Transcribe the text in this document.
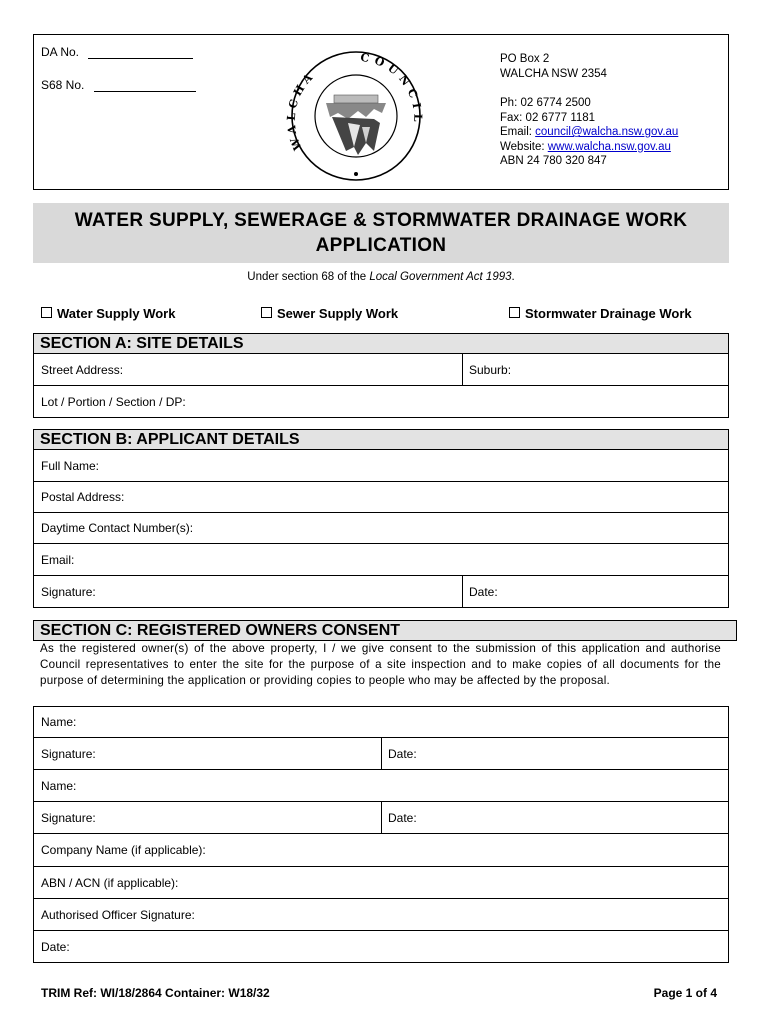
DA No.
S68 No.
WALCHA
COUNCIL
PO Box 2
WALCHA NSW 2354
Ph: 02 6774 2500
Fax: 02 6777 1181
Email: council@walcha.nsw.gov.au
Website: www.walcha.nsw.gov.au
ABN 24 780 320 847
WATER SUPPLY, SEWERAGE & STORMWATER DRAINAGE WORK
APPLICATION
Under section 68 of the Local Government Act 1993.
Water Supply Work	Sewer Supply Work	Stormwater Drainage Work
SECTION A: SITE DETAILS
Street Address:	Suburb:
Lot / Portion / Section / DP:
SECTION B: APPLICANT DETAILS
Full Name:
Postal Address:
Daytime Contact Number(s):
Email:
Signature:	Date:
SECTION C: REGISTERED OWNERS CONSENT
As the registered owner(s) of the above property, I / we give consent to the submission of this application and authorise Council representatives to enter the site for the purpose of a site inspection and to make copies of all documents for the purpose of determining the application or providing copies to people who may be affected by the proposal.
Name:
Signature:	Date:
Name:
Signature:	Date:
Company Name (if applicable):
ABN / ACN (if applicable):
Authorised Officer Signature:
Date:
TRIM Ref: WI/18/2864 Container: W18/32	Page 1 of 4
